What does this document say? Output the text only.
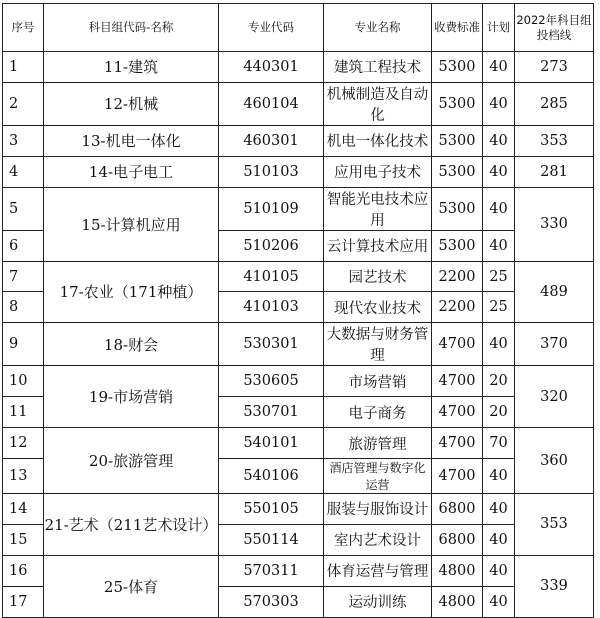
序号	科目组代码-名称	专业代码	专业名称	收费标准	计划	2022年科目组
投档线

1	11-建筑	440301	建筑工程技术	5300	40	273
2	12-机械	460104	机械制造及自动化	5300	40	285
3	13-机电一体化	460301	机电一体化技术	5300	40	353
4	14-电子电工	510103	应用电子技术	5300	40	281
5	15-计算机应用	510109	智能光电技术应用	5300	40	330
6		510206	云计算技术应用	5300	40	
7	17-农业（171种植）	410105	园艺技术	2200	25	489
8		410103	现代农业技术	2200	25	
9	18-财会	530301	大数据与财务管理	4700	40	370
10	19-市场营销	530605	市场营销	4700	20	320
11		530701	电子商务	4700	20	
12	20-旅游管理	540101	旅游管理	4700	70	360
13		540106	酒店管理与数字化运营	4700	40	
14	21-艺术（211艺术设计）	550105	服装与服饰设计	6800	40	353
15		550114	室内艺术设计	6800	40	
16	25-体育	570311	体育运营与管理	4800	40	339
17		570303	运动训练	4800	40	
